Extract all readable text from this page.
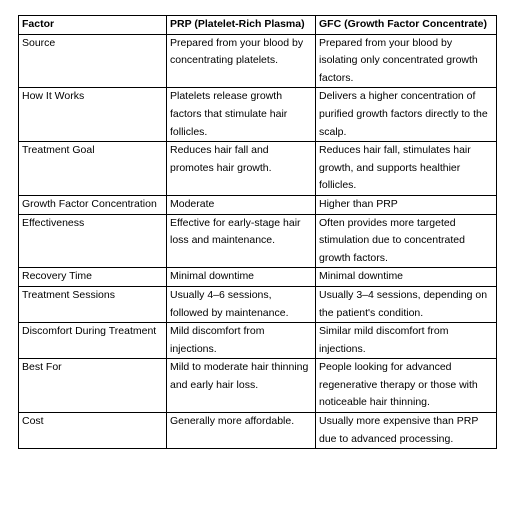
Factor	PRP (Platelet-Rich Plasma)	GFC (Growth Factor Concentrate)
Source	Prepared from your blood by concentrating platelets.	Prepared from your blood by isolating only concentrated growth factors.
How It Works	Platelets release growth factors that stimulate hair follicles.	Delivers a higher concentration of purified growth factors directly to the scalp.
Treatment Goal	Reduces hair fall and promotes hair growth.	Reduces hair fall, stimulates hair growth, and supports healthier follicles.
Growth Factor Concentration	Moderate	Higher than PRP
Effectiveness	Effective for early-stage hair loss and maintenance.	Often provides more targeted stimulation due to concentrated growth factors.
Recovery Time	Minimal downtime	Minimal downtime
Treatment Sessions	Usually 4–6 sessions, followed by maintenance.	Usually 3–4 sessions, depending on the patient's condition.
Discomfort During Treatment	Mild discomfort from injections.	Similar mild discomfort from injections.
Best For	Mild to moderate hair thinning and early hair loss.	People looking for advanced regenerative therapy or those with noticeable hair thinning.
Cost	Generally more affordable.	Usually more expensive than PRP due to advanced processing.
